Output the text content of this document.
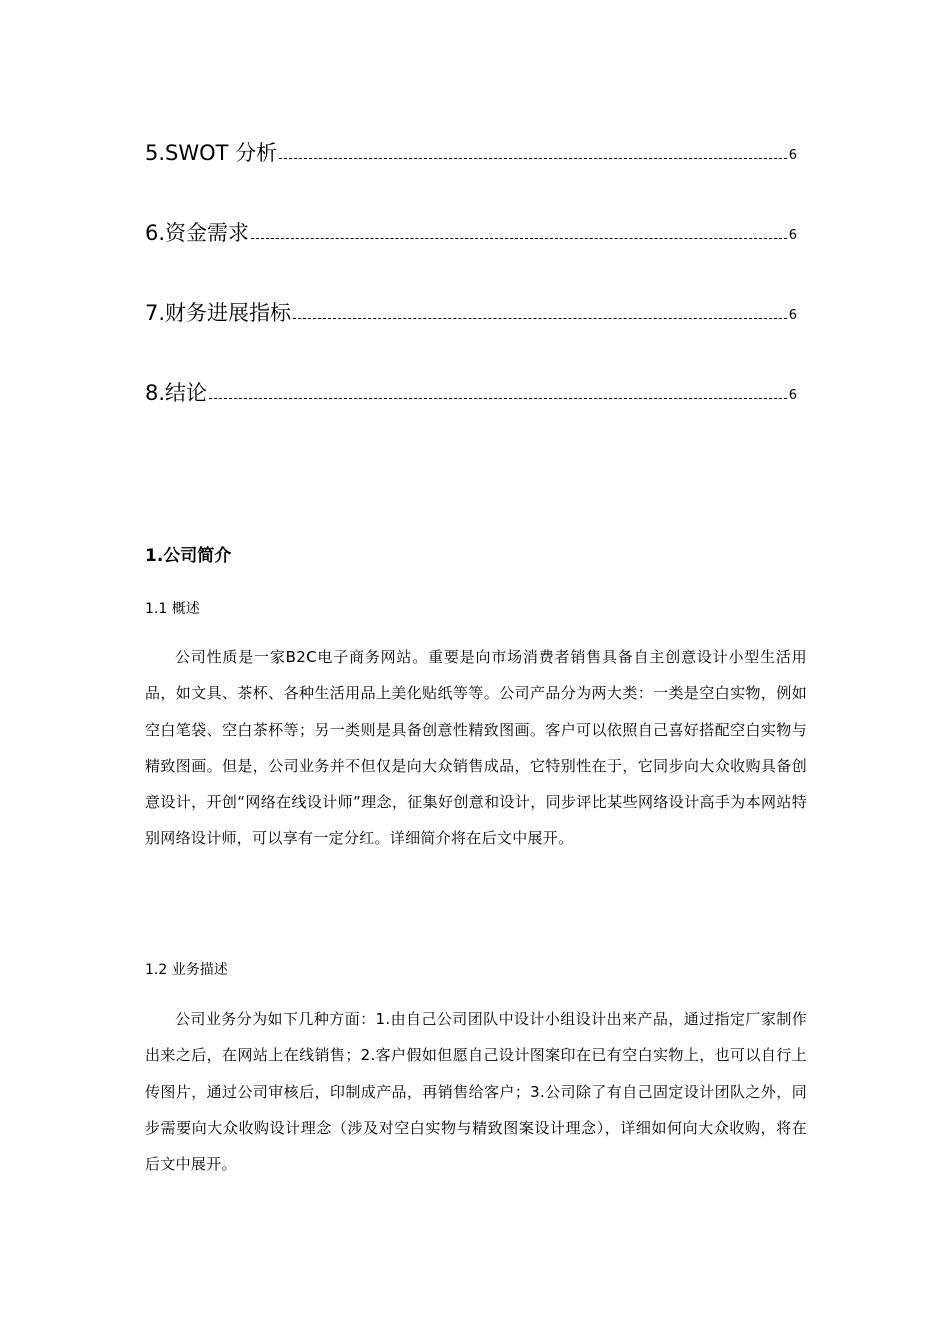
5.SWOT 分析	6
6.资金需求	6
7.财务进展指标	6
8.结论	6
1.公司简介
1.1 概述

公司性质是一家B2C电子商务网站。重要是向市场消费者销售具备自主创意设计小型生活用品，如文具、茶杯、各种生活用品上美化贴纸等等。公司产品分为两大类：一类是空白实物，例如空白笔袋、空白茶杯等；另一类则是具备创意性精致图画。客户可以依照自己喜好搭配空白实物与精致图画。但是，公司业务并不但仅是向大众销售成品，它特别性在于，它同步向大众收购具备创意设计，开创“网络在线设计师”理念，征集好创意和设计，同步评比某些网络设计高手为本网站特别网络设计师，可以享有一定分红。详细简介将在后文中展开。

1.2 业务描述

公司业务分为如下几种方面：1.由自己公司团队中设计小组设计出来产品，通过指定厂家制作出来之后，在网站上在线销售；2.客户假如但愿自己设计图案印在已有空白实物上，也可以自行上传图片，通过公司审核后，印制成产品，再销售给客户；3.公司除了有自己固定设计团队之外，同步需要向大众收购设计理念（涉及对空白实物与精致图案设计理念），详细如何向大众收购，将在后文中展开。
